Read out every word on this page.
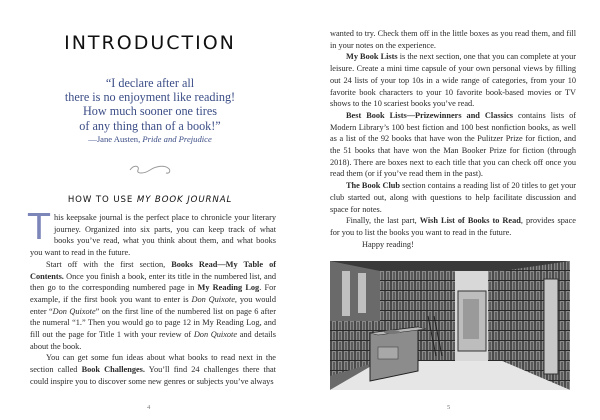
INTRODUCTION
“I declare after all
there is no enjoyment like reading!
How much sooner one tires
of any thing than of a book!”
—Jane Austen, Pride and Prejudice
HOW TO USE MY BOOK JOURNAL

This keepsake journal is the perfect place to chronicle your literary journey. Organized into six parts, you can keep track of what books you’ve read, what you think about them, and what books you want to read in the future.

Start off with the first section, Books Read—My Table of Contents. Once you finish a book, enter its title in the numbered list, and then go to the corresponding numbered page in My Reading Log. For example, if the first book you want to enter is Don Quixote, you would enter “Don Quixote” on the first line of the numbered list on page 6 after the numeral “1.” Then you would go to page 12 in My Reading Log, and fill out the page for Title 1 with your review of Don Quixote and details about the book.

You can get some fun ideas about what books to read next in the section called Book Challenges. You’ll find 24 challenges there that could inspire you to discover some new genres or subjects you’ve always

4

wanted to try. Check them off in the little boxes as you read them, and fill in your notes on the experience.

My Book Lists is the next section, one that you can complete at your leisure. Create a mini time capsule of your own personal views by filling out 24 lists of your top 10s in a wide range of categories, from your 10 favorite book characters to your 10 favorite book-based movies or TV shows to the 10 scariest books you’ve read.

Best Book Lists—Prizewinners and Classics contains lists of Modern Library’s 100 best fiction and 100 best nonfiction books, as well as a list of the 92 books that have won the Pulitzer Prize for fiction, and the 51 books that have won the Man Booker Prize for fiction (through 2018). There are boxes next to each title that you can check off once you read them (or if you’ve read them in the past).

The Book Club section contains a reading list of 20 titles to get your club started out, along with questions to help facilitate discussion and space for notes.

Finally, the last part, Wish List of Books to Read, provides space for you to list the books you want to read in the future.

Happy reading!

5
